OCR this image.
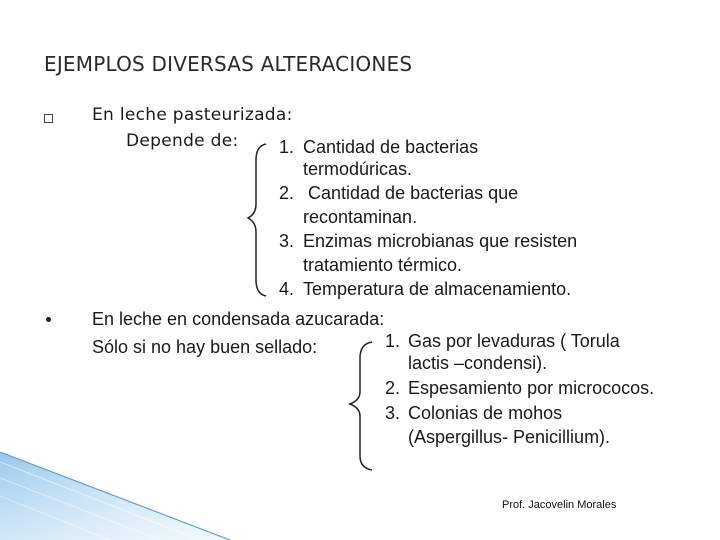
EJEMPLOS DIVERSAS ALTERACIONES
En leche pasteurizada:
Depende de:	1. Cantidad de bacterias
termodúricas.
2. Cantidad de bacterias que
recontaminan.
3. Enzimas microbianas que resisten
tratamiento térmico.
4. Temperatura de almacenamiento.
En leche en condensada azucarada:
Sólo si no hay buen sellado:	1. Gas por levaduras ( Torula
lactis –condensi).
2. Espesamiento por micrococos.
3. Colonias de mohos
(Aspergillus- Penicillium).
Prof. Jacovelin Morales
